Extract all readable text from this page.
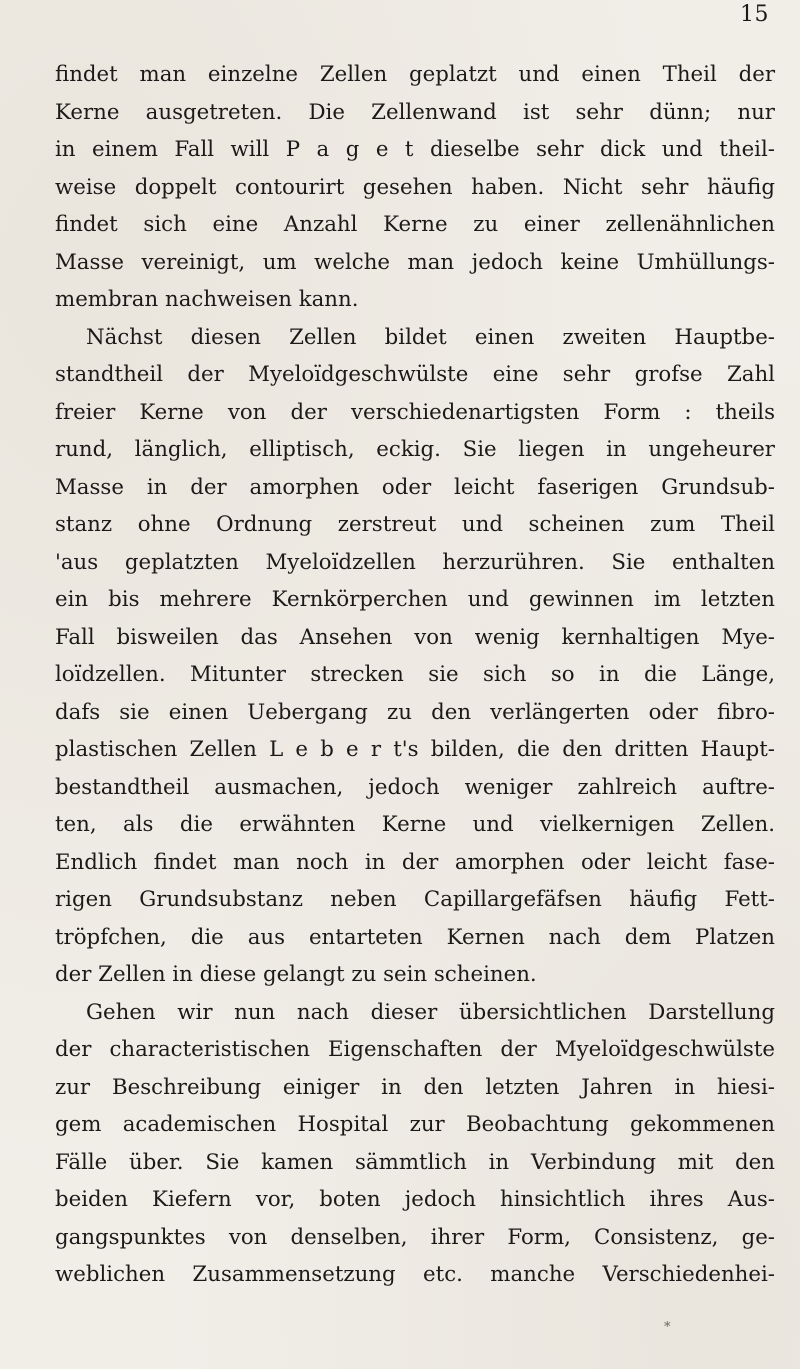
15
findet man einzelne Zellen geplatzt und einen Theil der
Kerne ausgetreten. Die Zellenwand ist sehr dünn; nur
in einem Fall will P a g e t dieselbe sehr dick und theil-
weise doppelt contourirt gesehen haben. Nicht sehr häufig
findet sich eine Anzahl Kerne zu einer zellenähnlichen
Masse vereinigt, um welche man jedoch keine Umhüllungs-
membran nachweisen kann.
Nächst diesen Zellen bildet einen zweiten Hauptbe-
standtheil der Myeloïdgeschwülste eine sehr grofse Zahl
freier Kerne von der verschiedenartigsten Form : theils
rund, länglich, elliptisch, eckig. Sie liegen in ungeheurer
Masse in der amorphen oder leicht faserigen Grundsub-
stanz ohne Ordnung zerstreut und scheinen zum Theil
'aus geplatzten Myeloïdzellen herzurühren. Sie enthalten
ein bis mehrere Kernkörperchen und gewinnen im letzten
Fall bisweilen das Ansehen von wenig kernhaltigen Mye-
loïdzellen. Mitunter strecken sie sich so in die Länge,
dafs sie einen Uebergang zu den verlängerten oder fibro-
plastischen Zellen L e b e r t's bilden, die den dritten Haupt-
bestandtheil ausmachen, jedoch weniger zahlreich auftre-
ten, als die erwähnten Kerne und vielkernigen Zellen.
Endlich findet man noch in der amorphen oder leicht fase-
rigen Grundsubstanz neben Capillargefäfsen häufig Fett-
tröpfchen, die aus entarteten Kernen nach dem Platzen
der Zellen in diese gelangt zu sein scheinen.
Gehen wir nun nach dieser übersichtlichen Darstellung
der characteristischen Eigenschaften der Myeloïdgeschwülste
zur Beschreibung einiger in den letzten Jahren in hiesi-
gem academischen Hospital zur Beobachtung gekommenen
Fälle über. Sie kamen sämmtlich in Verbindung mit den
beiden Kiefern vor, boten jedoch hinsichtlich ihres Aus-
gangspunktes von denselben, ihrer Form, Consistenz, ge-
weblichen Zusammensetzung etc. manche Verschiedenhei-
*
